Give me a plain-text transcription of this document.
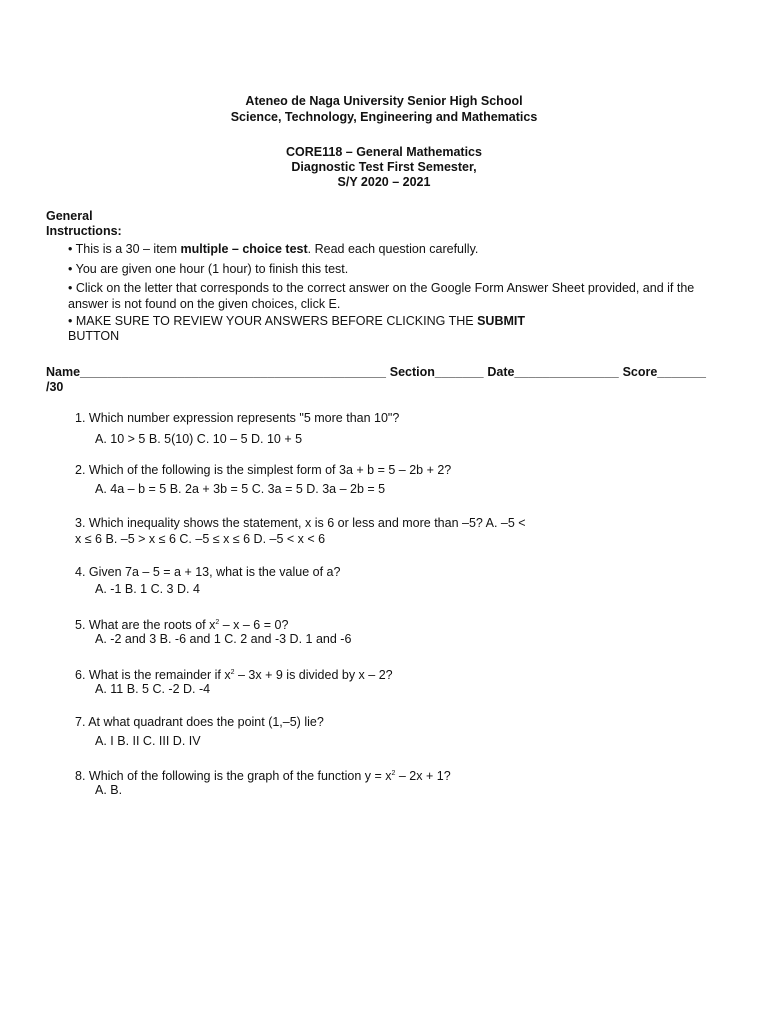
Ateneo de Naga University Senior High School
Science, Technology, Engineering and Mathematics
CORE118 – General Mathematics
Diagnostic Test First Semester,
S/Y 2020 – 2021
General
Instructions:
• This is a 30 – item multiple – choice test. Read each question carefully.
• You are given one hour (1 hour) to finish this test.
• Click on the letter that corresponds to the correct answer on the Google Form Answer Sheet provided, and if the answer is not found on the given choices, click E.
• MAKE SURE TO REVIEW YOUR ANSWERS BEFORE CLICKING THE SUBMIT
BUTTON
Name____________________________________________ Section_______ Date_______________ Score_______
/30
1. Which number expression represents "5 more than 10"?
A. 10 > 5 B. 5(10) C. 10 – 5 D. 10 + 5
2. Which of the following is the simplest form of 3a + b = 5 – 2b + 2?
A. 4a – b = 5 B. 2a + 3b = 5 C. 3a = 5 D. 3a – 2b = 5
3. Which inequality shows the statement, x is 6 or less and more than –5? A. –5 < x ≤ 6 B. –5 > x ≤ 6 C. –5 ≤ x ≤ 6 D. –5 < x < 6
4. Given 7a – 5 = a + 13, what is the value of a?
A. -1 B. 1 C. 3 D. 4
5. What are the roots of $x^2 - x - 6 = 0$?
A. -2 and 3 B. -6 and 1 C. 2 and -3 D. 1 and -6
6. What is the remainder if $x^2 - 3x + 9$ is divided by x – 2?
A. 11 B. 5 C. -2 D. -4
7. At what quadrant does the point (1,–5) lie?
A. I B. II C. III D. IV
8. Which of the following is the graph of the function $y = x^2 - 2x + 1$?
A. B.
